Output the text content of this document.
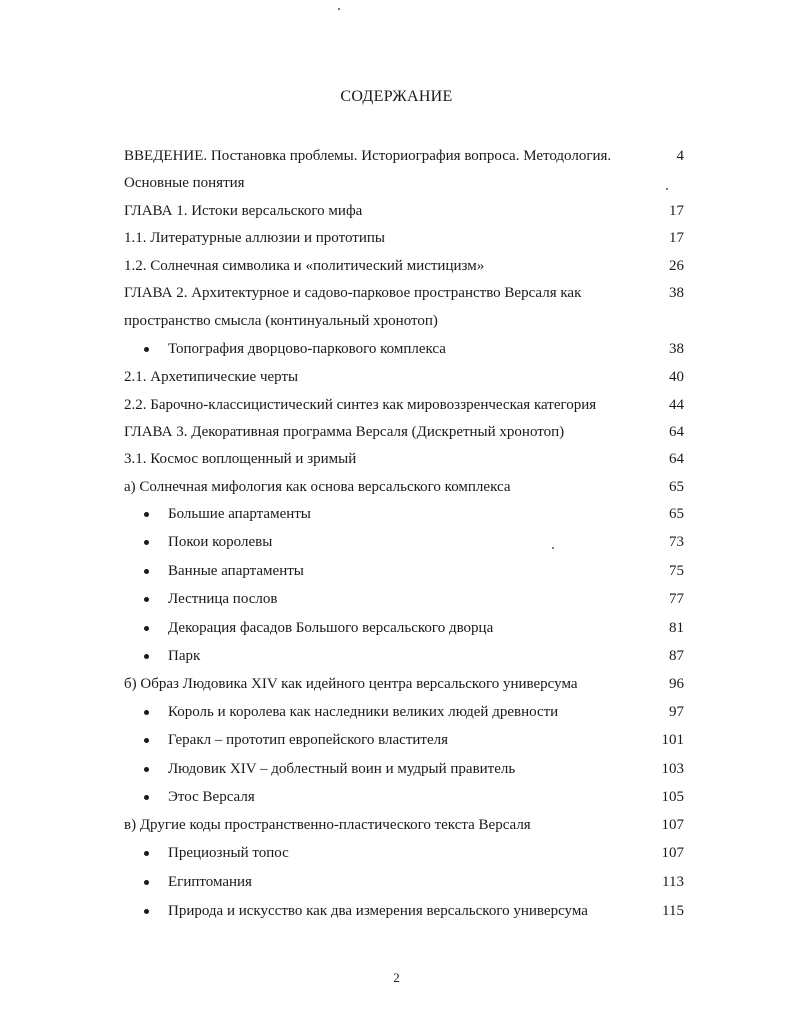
СОДЕРЖАНИЕ
ВВЕДЕНИЕ. Постановка проблемы. Историография вопроса. Методология.	4
Основные понятия
ГЛАВА 1. Истоки версальского мифа	17
1.1. Литературные аллюзии и прототипы	17
1.2. Солнечная символика и «политический мистицизм»	26
ГЛАВА 2. Архитектурное и садово-парковое пространство Версаля как	38
пространство смысла (континуальный хронотоп)
Топография дворцово-паркового комплекса	38
2.1. Архетипические черты	40
2.2. Барочно-классицистический синтез как мировоззренческая категория	44
ГЛАВА 3. Декоративная программа Версаля (Дискретный хронотоп)	64
3.1. Космос воплощенный и зримый	64
а) Солнечная мифология как основа версальского комплекса	65
Большие апартаменты	65
Покои королевы	73
Ванные апартаменты	75
Лестница послов	77
Декорация фасадов Большого версальского дворца	81
Парк	87
б) Образ Людовика XIV как идейного центра версальского универсума	96
Король и королева как наследники великих людей древности	97
Геракл – прототип европейского властителя	101
Людовик XIV – доблестный воин и мудрый правитель	103
Этос Версаля	105
в) Другие коды пространственно-пластического текста Версаля	107
Прециозный топос	107
Египтомания	113
Природа и искусство как два измерения версальского универсума	115
2
